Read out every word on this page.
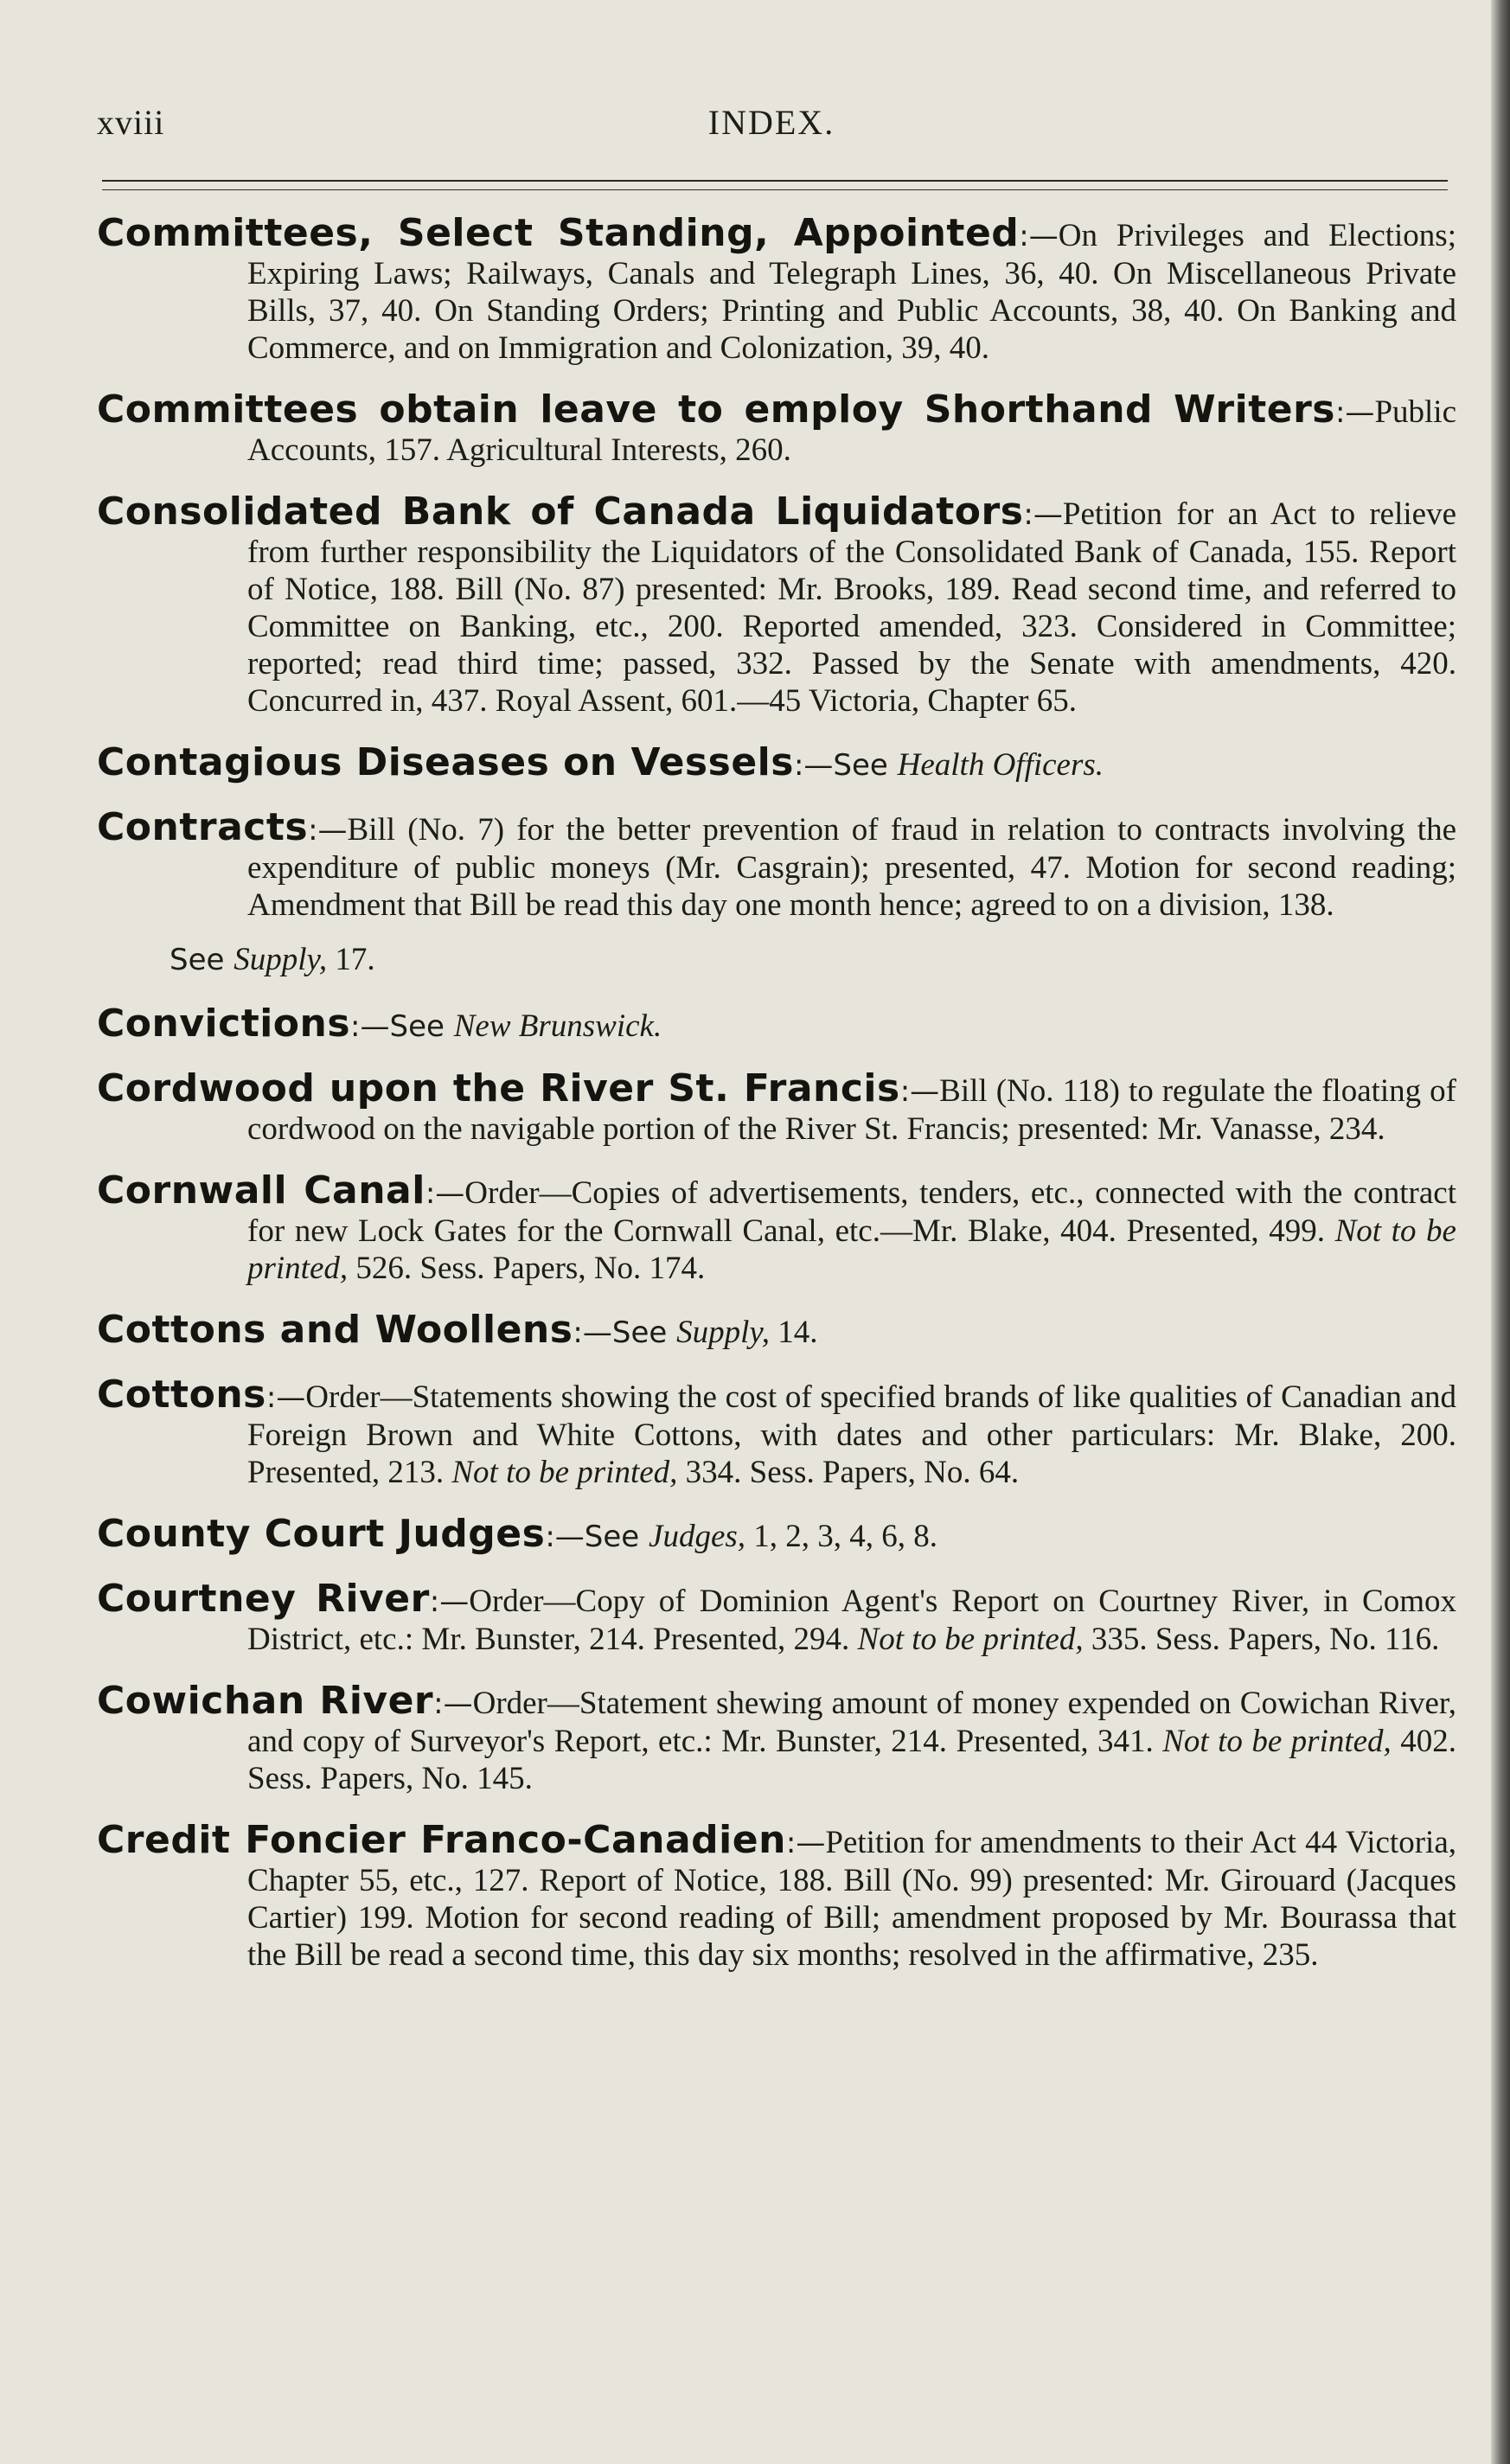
xviii	INDEX.

Committees, Select Standing, Appointed:—On Privileges and Elections; Expiring Laws; Railways, Canals and Telegraph Lines, 36, 40. On Miscellaneous Private Bills, 37, 40. On Standing Orders; Printing and Public Accounts, 38, 40. On Banking and Commerce, and on Immigration and Colonization, 39, 40.

Committees obtain leave to employ Shorthand Writers:—Public Accounts, 157. Agricultural Interests, 260.

Consolidated Bank of Canada Liquidators:—Petition for an Act to relieve from further responsibility the Liquidators of the Consolidated Bank of Canada, 155. Report of Notice, 188. Bill (No. 87) presented: Mr. Brooks, 189. Read second time, and referred to Committee on Banking, etc., 200. Reported amended, 323. Considered in Committee; reported; read third time; passed, 332. Passed by the Senate with amendments, 420. Concurred in, 437. Royal Assent, 601.—45 Victoria, Chapter 65.

Contagious Diseases on Vessels:—See Health Officers.

Contracts:—Bill (No. 7) for the better prevention of fraud in relation to contracts involving the expenditure of public moneys (Mr. Casgrain); presented, 47. Motion for second reading; Amendment that Bill be read this day one month hence; agreed to on a division, 138.

See Supply, 17.

Convictions:—See New Brunswick.

Cordwood upon the River St. Francis:—Bill (No. 118) to regulate the floating of cordwood on the navigable portion of the River St. Francis; presented: Mr. Vanasse, 234.

Cornwall Canal:—Order—Copies of advertisements, tenders, etc., connected with the contract for new Lock Gates for the Cornwall Canal, etc.—Mr. Blake, 404. Presented, 499. Not to be printed, 526. Sess. Papers, No. 174.

Cottons and Woollens:—See Supply, 14.

Cottons:—Order—Statements showing the cost of specified brands of like qualities of Canadian and Foreign Brown and White Cottons, with dates and other particulars: Mr. Blake, 200. Presented, 213. Not to be printed, 334. Sess. Papers, No. 64.

County Court Judges:—See Judges, 1, 2, 3, 4, 6, 8.

Courtney River:—Order—Copy of Dominion Agent's Report on Courtney River, in Comox District, etc.: Mr. Bunster, 214. Presented, 294. Not to be printed, 335. Sess. Papers, No. 116.

Cowichan River:—Order—Statement shewing amount of money expended on Cowichan River, and copy of Surveyor's Report, etc.: Mr. Bunster, 214. Presented, 341. Not to be printed, 402. Sess. Papers, No. 145.

Credit Foncier Franco-Canadien:—Petition for amendments to their Act 44 Victoria, Chapter 55, etc., 127. Report of Notice, 188. Bill (No. 99) presented: Mr. Girouard (Jacques Cartier) 199. Motion for second reading of Bill; amendment proposed by Mr. Bourassa that the Bill be read a second time, this day six months; resolved in the affirmative, 235.
